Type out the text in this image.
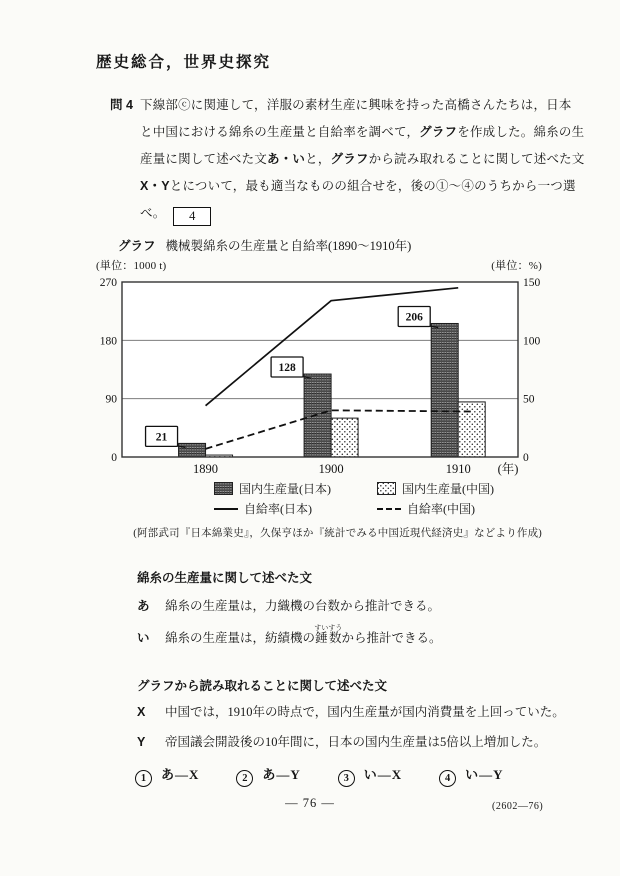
歴史総合，世界史探究
問 4 下線部ⓒに関連して，洋服の素材生産に興味を持った高橋さんたちは，日本
と中国における綿糸の生産量と自給率を調べて，グラフを作成した。綿糸の生
産量に関して述べた文あ・いと，グラフから読み取れることに関して述べた文
X・Yとについて，最も適当なものの組合せを，後の①～④のうちから一つ選
べ。 4
グラフ 機械製綿糸の生産量と自給率(1890～1910年)
(単位：1000 t)	(単位：%)
21
128
206
0
90
180
270
0
50
100
150
1890	1900	1910 (年)
国内生産量(日本)	国内生産量(中国)
自給率(日本)	自給率(中国)
(阿部武司『日本綿業史』，久保亨ほか『統計でみる中国近現代経済史』などより作成)
綿糸の生産量に関して述べた文
あ 綿糸の生産量は，力織機の台数から推計できる。
い 綿糸の生産量は，紡績機の錘数すいすうから推計できる。
グラフから読み取れることに関して述べた文
X 中国では，1910年の時点で，国内生産量が国内消費量を上回っていた。
Y 帝国議会開設後の10年間に，日本の国内生産量は5倍以上増加した。
1 あ―X	2 あ―Y	3 い―X	4 い―Y
— 76 —	(2602—76)
